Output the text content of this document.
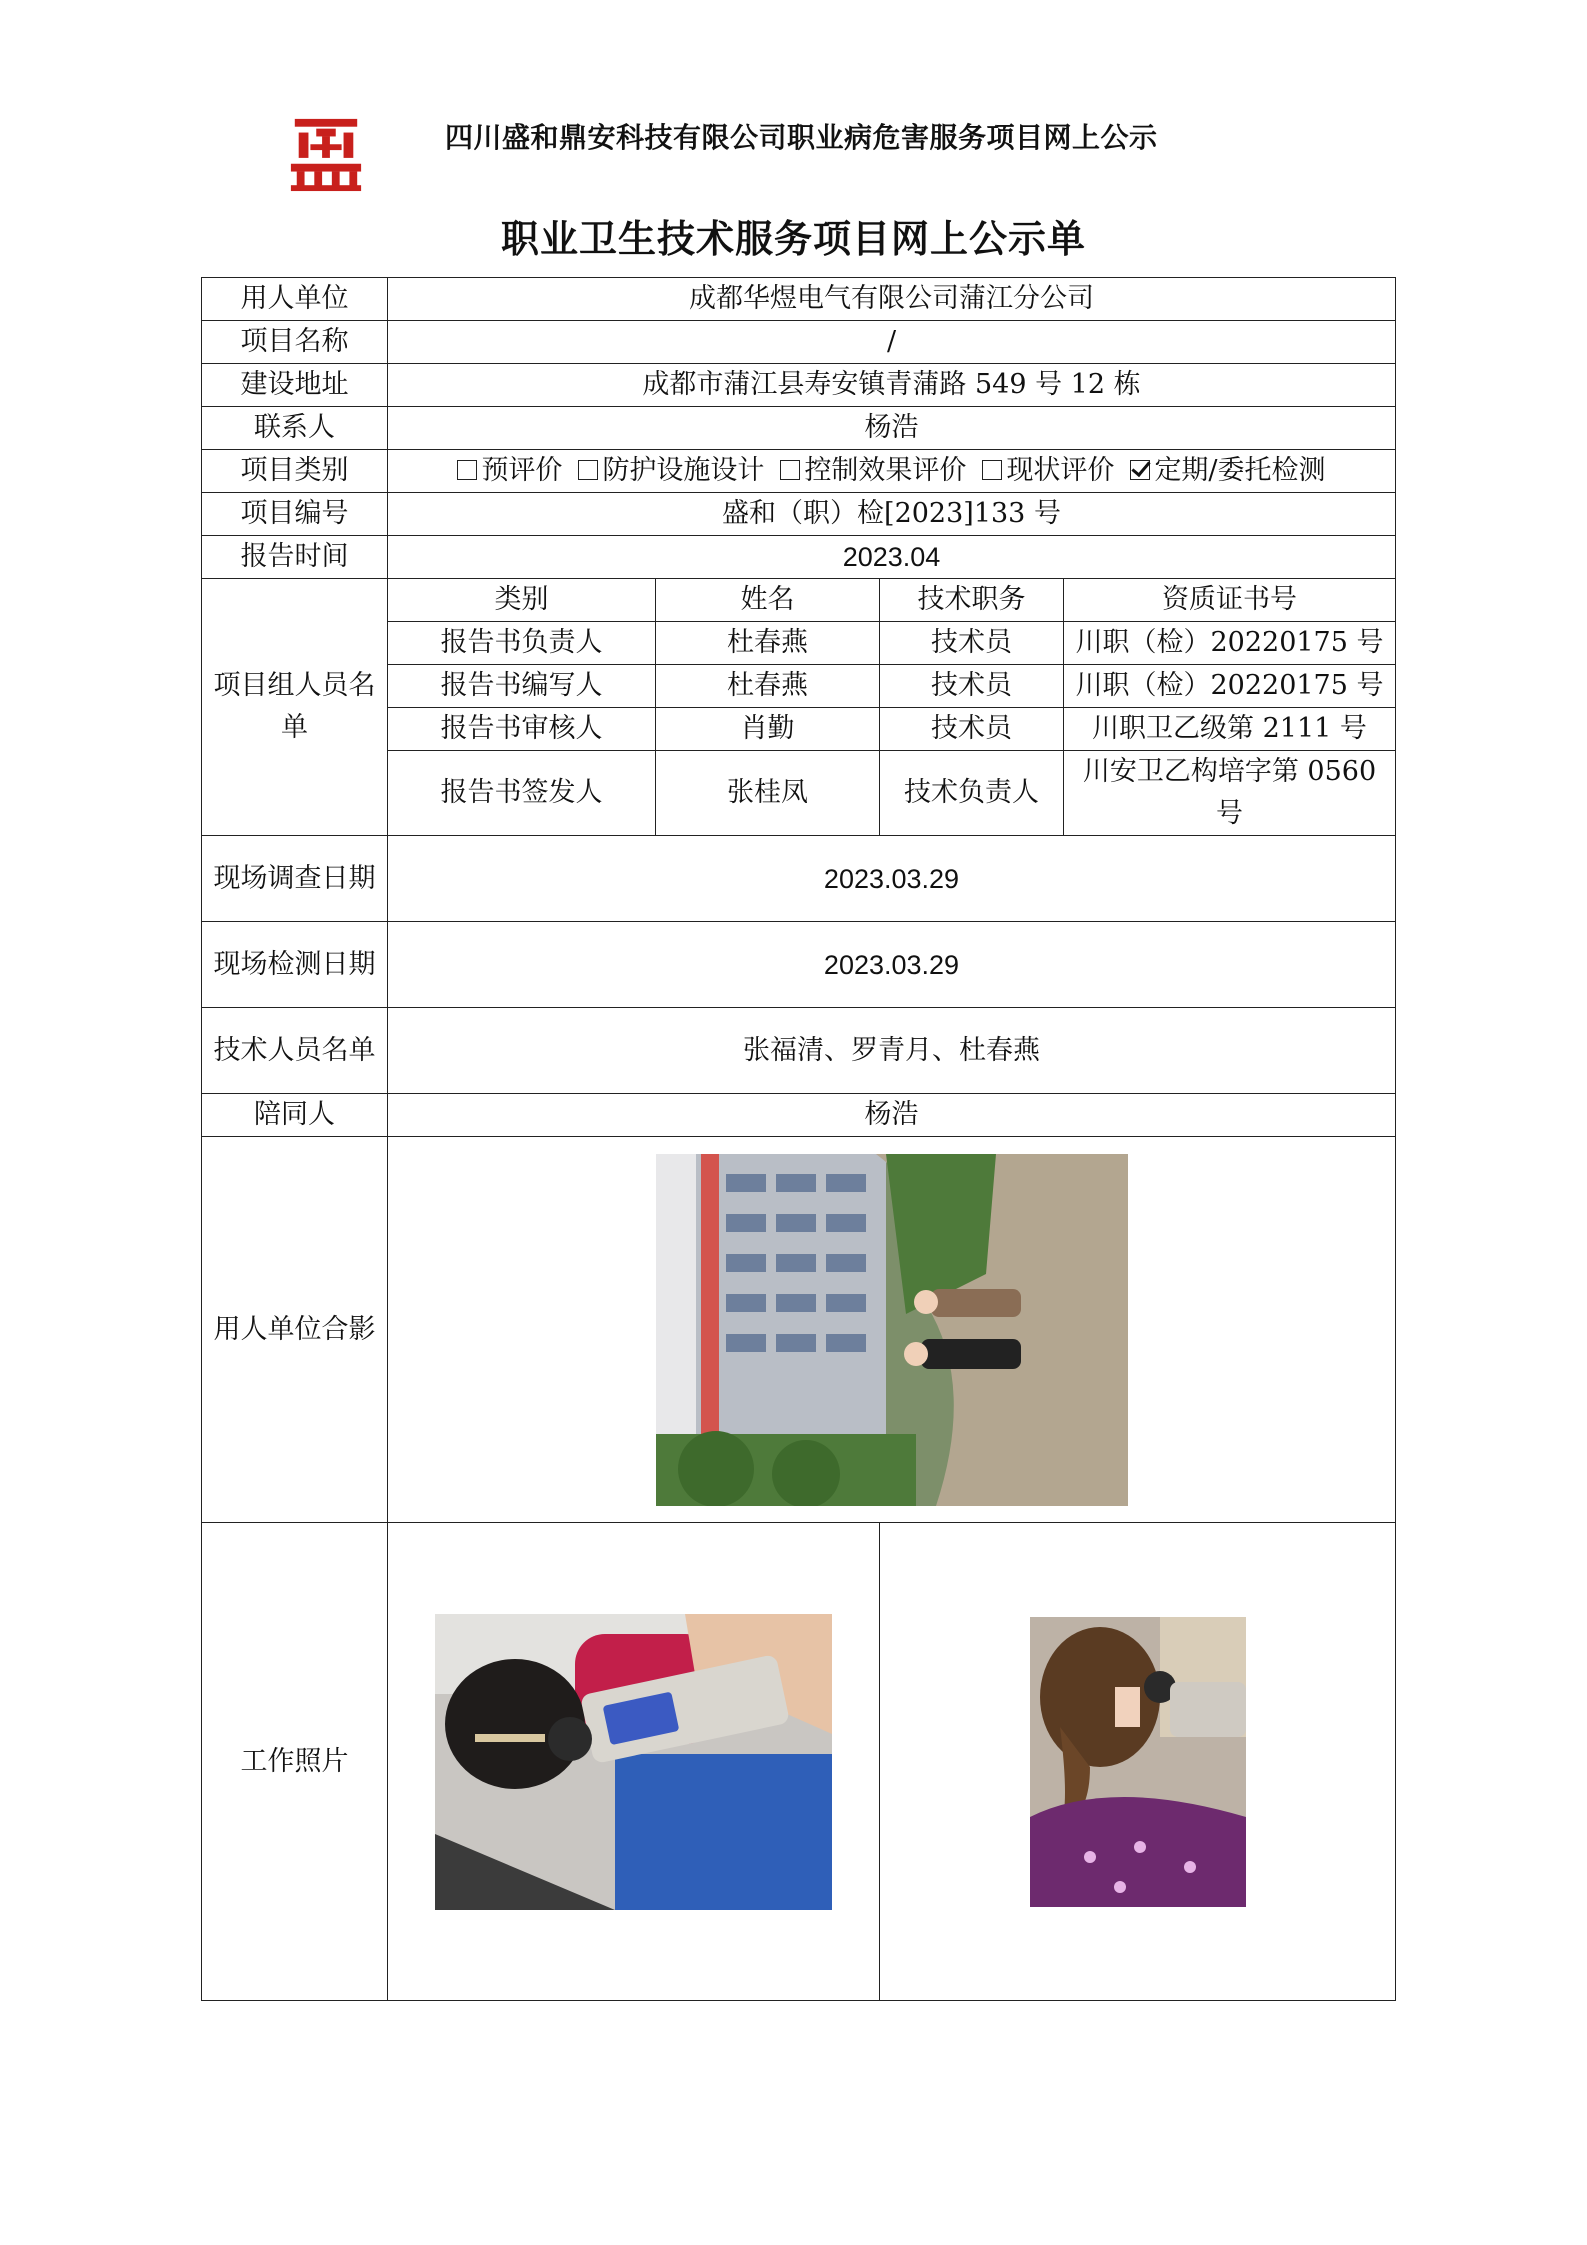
四川盛和鼎安科技有限公司职业病危害服务项目网上公示
职业卫生技术服务项目网上公示单
用人单位	成都华煜电气有限公司蒲江分公司			
项目名称	/			
建设地址	成都市蒲江县寿安镇青蒲路 549 号 12 栋			
联系人	杨浩			
项目类别	预评价 防护设施设计 控制效果评价 现状评价 定期/委托检测			
项目编号	盛和（职）检[2023]133 号			
报告时间	2023.04			
项目组人员名单	类别	姓名	技术职务	资质证书号
	报告书负责人	杜春燕	技术员	川职（检）20220175 号
	报告书编写人	杜春燕	技术员	川职（检）20220175 号
	报告书审核人	肖勤	技术员	川职卫乙级第 2111 号
	报告书签发人	张桂凤	技术负责人	川安卫乙构培字第 0560 号

现场调查日期	2023.03.29			
现场检测日期	2023.03.29			
技术人员名单	张福清、罗青月、杜春燕			
陪同人	杨浩			
用人单位合影	

工作照片	
